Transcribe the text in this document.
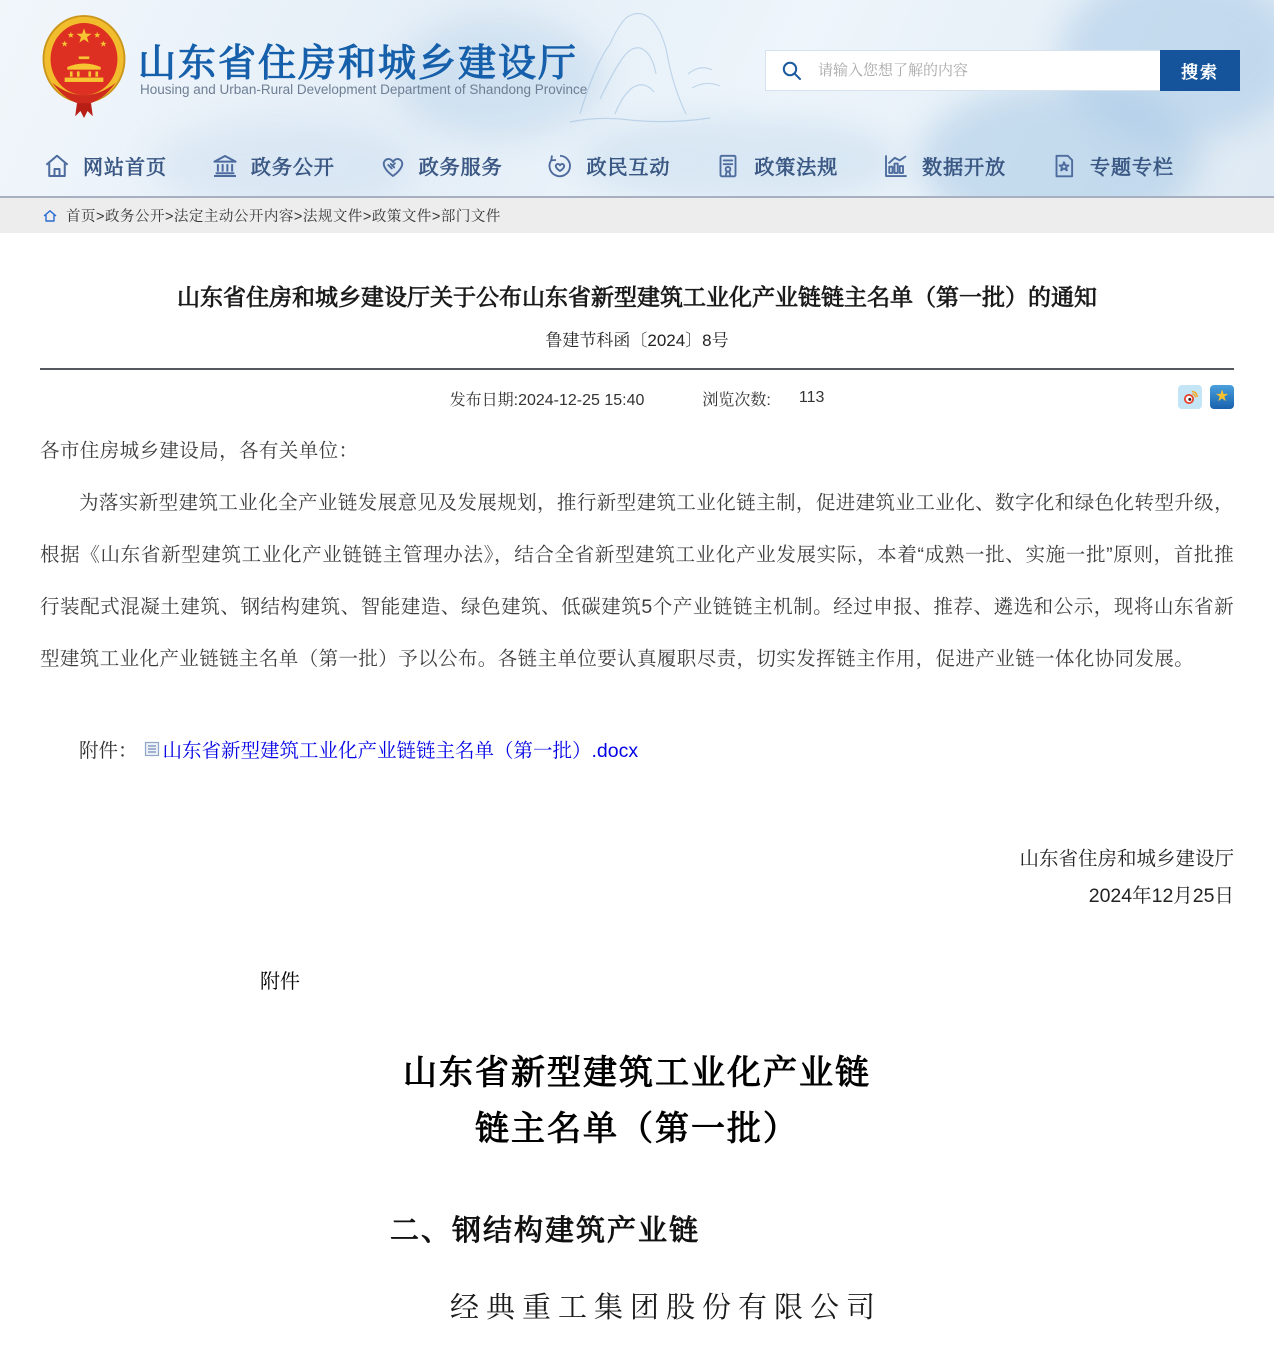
山东省住房和城乡建设厅
Housing and Urban-Rural Development Department of Shandong Province
请输入您想了解的内容
搜索
网站首页	政务公开	政务服务	政民互动	政策法规	数据开放	专题专栏
首页>政务公开>法定主动公开内容>法规文件>政策文件>部门文件
山东省住房和城乡建设厅关于公布山东省新型建筑工业化产业链链主名单（第一批）的通知
鲁建节科函〔2024〕8号
发布日期:2024-12-25 15:40	浏览次数: 113	★

各市住房城乡建设局，各有关单位：

为落实新型建筑工业化全产业链发展意见及发展规划，推行新型建筑工业化链主制，促进建筑业工业化、数字化和绿色化转型升级，根据《山东省新型建筑工业化产业链链主管理办法》，结合全省新型建筑工业化产业发展实际，本着“成熟一批、实施一批”原则，首批推行装配式混凝土建筑、钢结构建筑、智能建造、绿色建筑、低碳建筑5个产业链链主机制。经过申报、推荐、遴选和公示，现将山东省新型建筑工业化产业链链主名单（第一批）予以公布。各链主单位要认真履职尽责，切实发挥链主作用，促进产业链一体化协同发展。

附件： 山东省新型建筑工业化产业链链主名单（第一批）.docx
山东省住房和城乡建设厅
2024年12月25日
附件
山东省新型建筑工业化产业链
链主名单（第一批）
二、钢结构建筑产业链
经典重工集团股份有限公司
